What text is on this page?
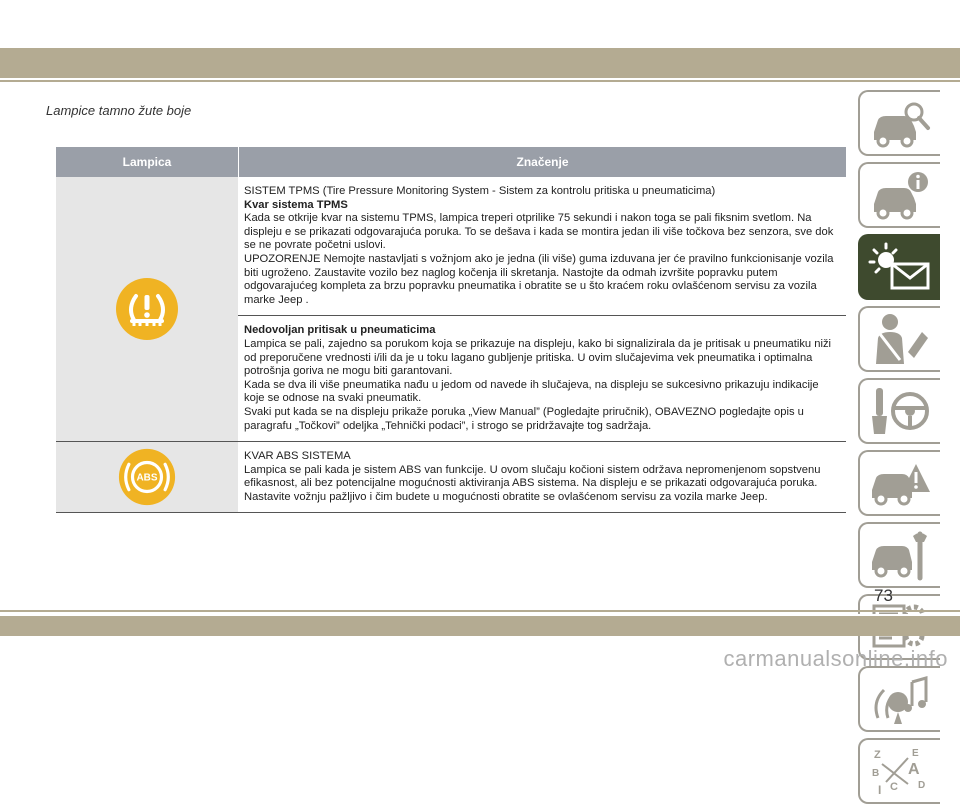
Lampice tamno žute boje
Lampica	Značenje

SISTEM TPMS (Tire Pressure Monitoring System - Sistem za kontrolu pritiska u pneumaticima)

Kvar sistema TPMS

Kada se otkrije kvar na sistemu TPMS, lampica treperi otprilike 75 sekundi i nakon toga se pali fiksnim svetlom. Na displeju e se prikazati odgovarajuća poruka. To se dešava i kada se montira jedan ili više točkova bez senzora, sve dok se ne povrate početni uslovi.

UPOZORENJE Nemojte nastavljati s vožnjom ako je jedna (ili više) guma izduvana jer će pravilno funkcionisanje vozila biti ugroženo. Zaustavite vozilo bez naglog kočenja ili skretanja. Nastojte da odmah izvršite popravku putem odgovarajućeg kompleta za brzu popravku pneumatika i obratite se u što kraćem roku ovlašćenom servisu za vozila marke Jeep .

Nedovoljan pritisak u pneumaticima

Lampica se pali, zajedno sa porukom koja se prikazuje na displeju, kako bi signalizirala da je pritisak u pneumatiku niži od preporučene vrednosti i/ili da je u toku lagano gubljenje pritiska. U ovim slučajevima vek pneumatika i optimalna potrošnja goriva ne mogu biti garantovani.

Kada se dva ili više pneumatika nađu u jedom od navede ih slučajeva, na displeju se sukcesivno prikazuju indikacije koje se odnose na svaki pneumatik.

Svaki put kada se na displeju prikaže poruka „View Manual” (Pogledajte priručnik), OBAVEZNO pogledajte opis u paragrafu „Točkovi” odeljka „Tehnički podaci”, i strogo se pridržavajte tog sadržaja.

ABS

KVAR ABS SISTEMA

Lampica se pali kada je sistem ABS van funkcije. U ovom slučaju kočioni sistem održava nepromenjenom sopstvenu efikasnost, ali bez potencijalne mogućnosti aktiviranja ABS sistema. Na displeju e se prikazati odgovarajuća poruka. Nastavite vožnju pažljivo i čim budete u mogućnosti obratite se ovlašćenom servisu za vozila marke Jeep.

Z	E
A
B
C D
I
73
carmanualsonline.info
